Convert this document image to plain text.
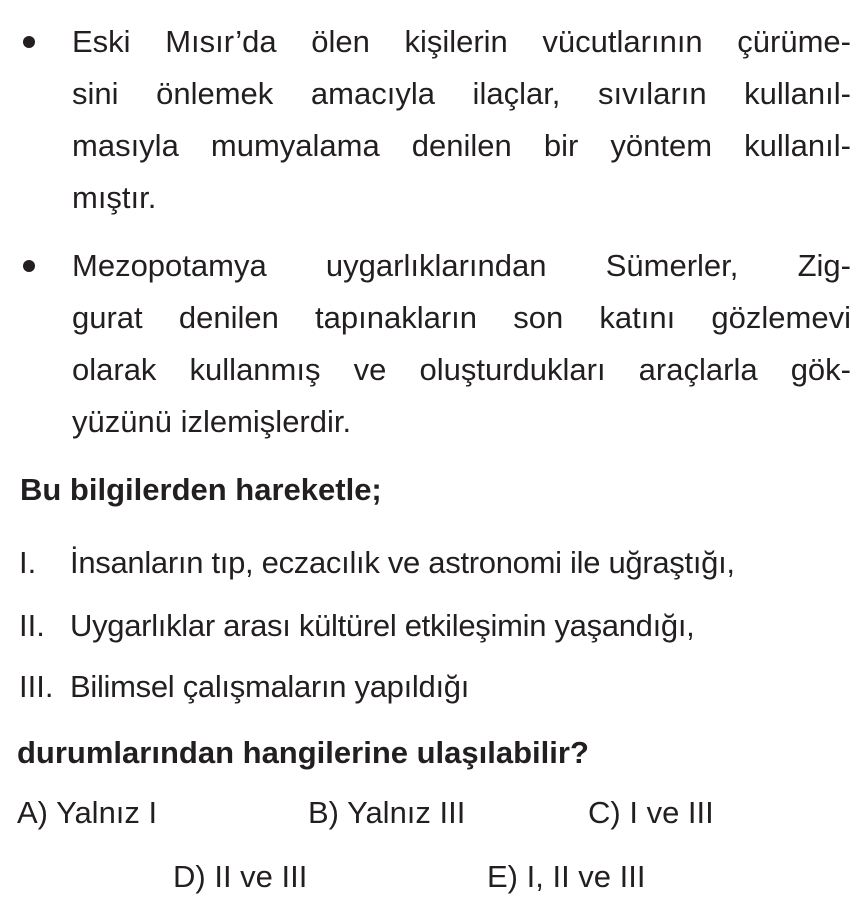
Eski Mısır’da ölen kişilerin vücutlarının çürüme-
sini önlemek amacıyla ilaçlar, sıvıların kullanıl-
masıyla mumyalama denilen bir yöntem kullanıl-
mıştır.
Mezopotamya uygarlıklarından Sümerler, Zig-
gurat denilen tapınakların son katını gözlemevi
olarak kullanmış ve oluşturdukları araçlarla gök-
yüzünü izlemişlerdir.
Bu bilgilerden hareketle;
I.	İnsanların tıp, eczacılık ve astronomi ile uğraştığı,
II. Uygarlıklar arası kültürel etkileşimin yaşandığı,
III. Bilimsel çalışmaların yapıldığı
durumlarından hangilerine ulaşılabilir?
A) Yalnız I	B) Yalnız III	C) I ve III
D) II ve III	E) I, II ve III
